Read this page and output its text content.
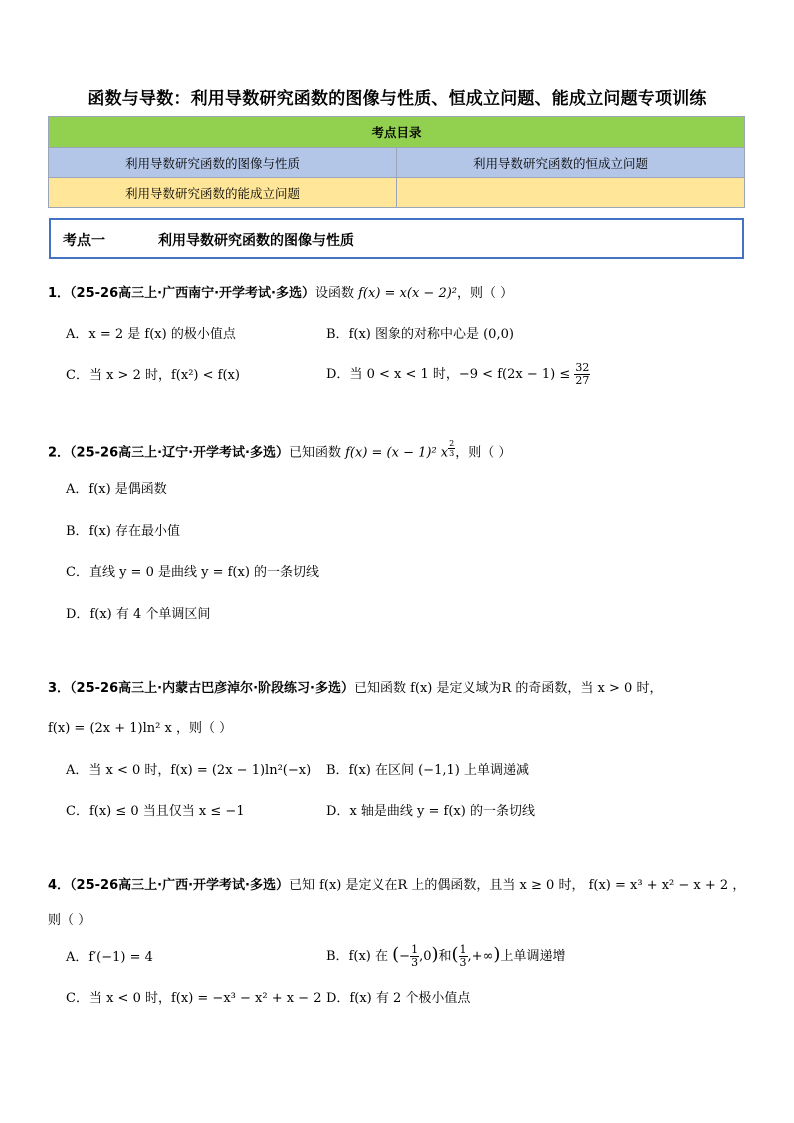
函数与导数：利用导数研究函数的图像与性质、恒成立问题、能成立问题专项训练
考点目录	
利用导数研究函数的图像与性质	利用导数研究函数的恒成立问题
利用导数研究函数的能成立问题	
考点一	利用导数研究函数的图像与性质
1．（25-26高三上·广西南宁·开学考试·多选）设函数 f(x) = x(x − 2)²，则（ ）
A．x = 2 是 f(x) 的极小值点	B．f(x) 图象的对称中心是 (0,0)
C．当 x > 2 时，f(x²) < f(x)	D．当 0 < x < 1 时，$-9 < f(2x - 1) \le \frac{32}{27}$
2．（25-26高三上·辽宁·开学考试·多选）已知函数 f(x) = (x − 1)² x $^{\frac{2}{3}}$ ，则（ ）
A．f(x) 是偶函数
B．f(x) 存在最小值
C．直线 y = 0 是曲线 y = f(x) 的一条切线
D．f(x) 有 4 个单调区间
3．（25-26高三上·内蒙古巴彦淖尔·阶段练习·多选）已知函数 f(x) 是定义域为R 的奇函数，当 x > 0 时，
f(x) = (2x + 1)ln² x ，则（ ）
A．当 x < 0 时，f(x) = (2x − 1)ln²(−x) B．f(x) 在区间 (−1,1) 上单调递减
C．f(x) ≤ 0 当且仅当 x ≤ −1	D．x 轴是曲线 y = f(x) 的一条切线
4．（25-26高三上·广西·开学考试·多选）已知 f(x) 是定义在R 上的偶函数，且当 x ≥ 0 时， f(x) = x³ + x² − x + 2 ，
则（ ）
A．f′(−1) = 4	B．f(x) 在 (− $\frac{1}{3} ,0$)和( $\frac{1}{3}$ ,+∞)上单调递增
C．当 x < 0 时，f(x) = −x³ − x² + x − 2 D．f(x) 有 2 个极小值点
